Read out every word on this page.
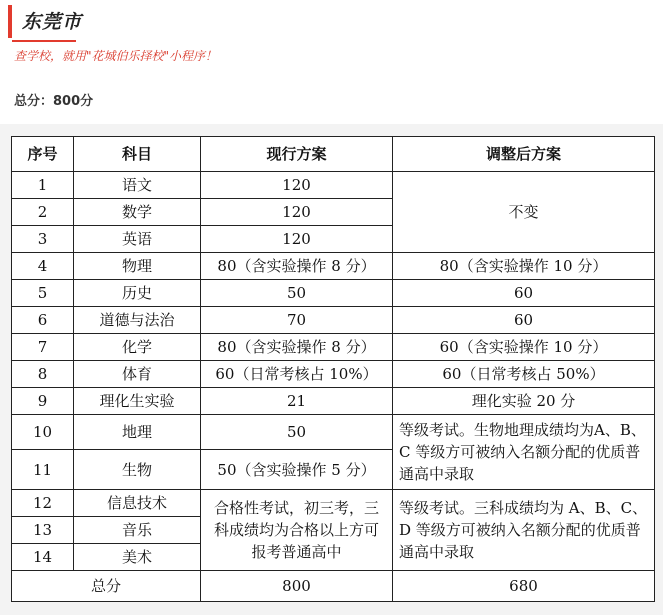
东莞市
查学校，就用"花城伯乐择校"小程序！
总分：800分
序号	科目	现行方案	调整后方案
1	语文	120	不变
2	数学	120	
3	英语	120	
4	物理	80（含实验操作 8 分）	80（含实验操作 10 分）
5	历史	50	60
6	道德与法治	70	60
7	化学	80（含实验操作 8 分）	60（含实验操作 10 分）
8	体育	60（日常考核占 10%）	60（日常考核占 50%）
9	理化生实验	21	理化实验 20 分
10	地理	50	等级考试。生物地理成绩均为A、B、C 等级方可被纳入名额分配的优质普通高中录取
11	生物	50（含实验操作 5 分）	
12	信息技术	合格性考试，初三考，三科成绩均为合格以上方可报考普通高中	等级考试。三科成绩均为 A、B、C、D 等级方可被纳入名额分配的优质普通高中录取
13	音乐		
14	美术		
总分		800	680
